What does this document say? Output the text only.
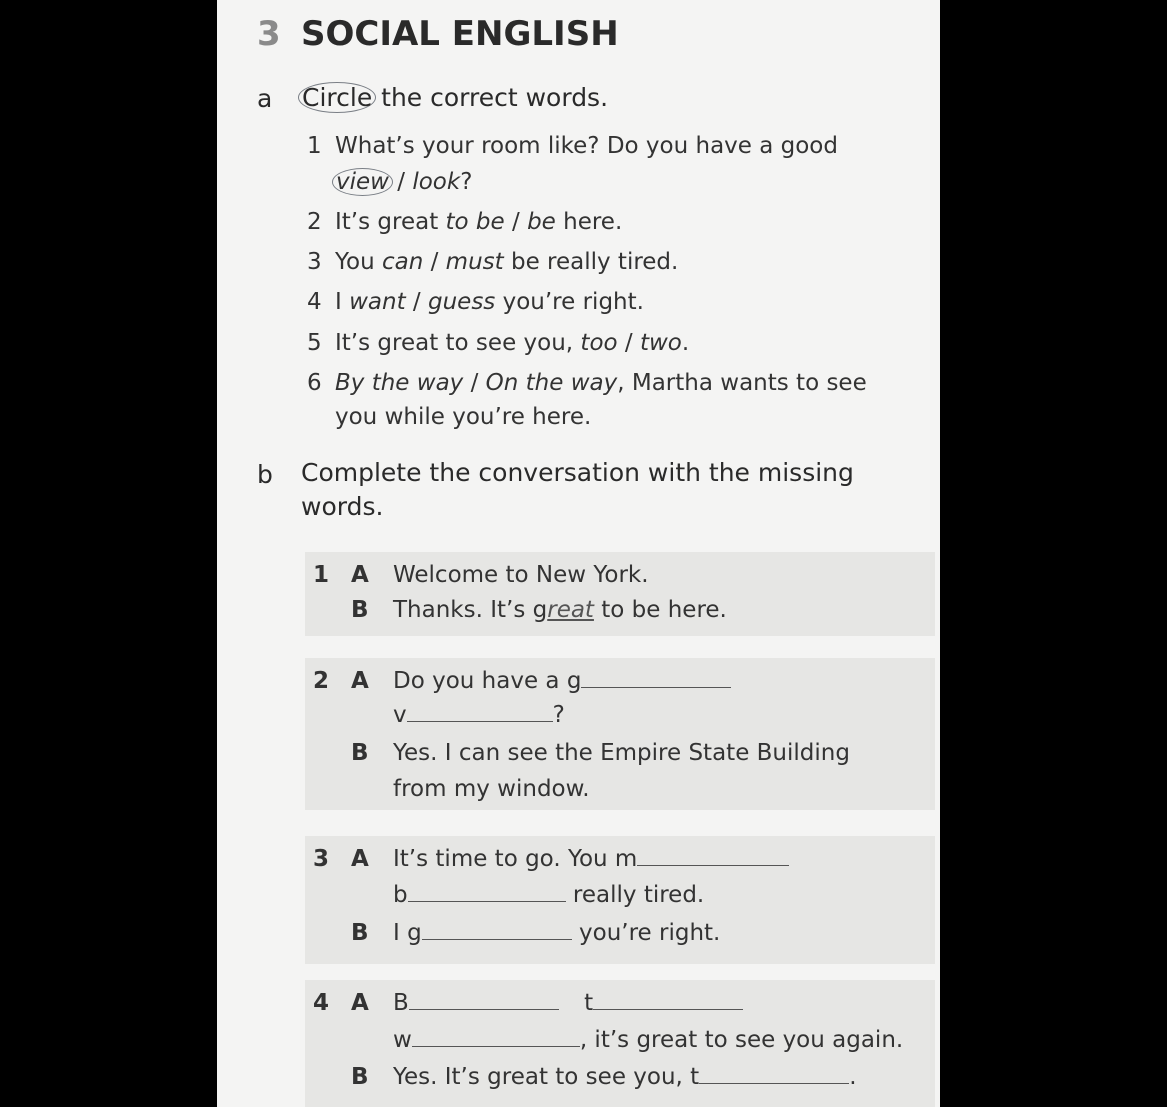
3 SOCIAL ENGLISH
a Circle the correct words.
1 What’s your room like? Do you have a good
view / look?
2 It’s great to be / be here.
3 You can / must be really tired.
4 I want / guess you’re right.
5 It’s great to see you, too / two.
6 By the way / On the way, Martha wants to see
you while you’re here.
b Complete the conversation with the missing
words.
1 A Welcome to New York.
B Thanks. It’s great to be here.
2 A Do you have a g
v	?
B Yes. I can see the Empire State Building
from my window.
3 A It’s time to go. You m
b	really tired.
B I g	you’re right.
4 A B	t
w	, it’s great to see you again.
B Yes. It’s great to see you, t	.
